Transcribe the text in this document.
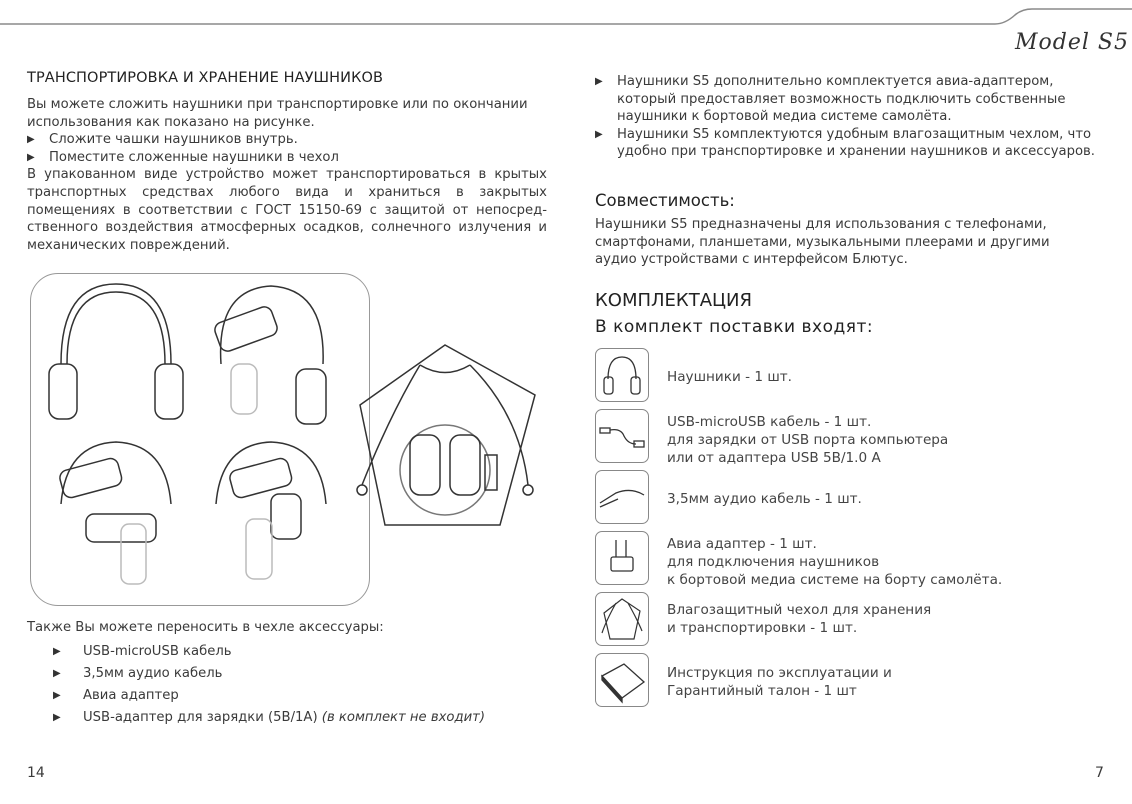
Model S5
ТРАНСПОРТИРОВКА И ХРАНЕНИЕ НАУШНИКОВ
Вы можете сложить наушники при транспортировке или по окончании использования как показано на рисунке.
▶ Сложите чашки наушников внутрь.
▶ Поместите сложенные наушники в чехол
В упакованном виде устройство может транспортироваться в крытых транспортных средствах любого вида и храниться в закрытых помещениях в соответствии с ГОСТ 15150-69 с защитой от непосред-ственного воздействия атмосферных осадков, солнечного излучения и механических повреждений.
Также Вы можете переносить в чехле аксессуары:
▶ USB-microUSB кабель
▶ 3,5мм аудио кабель
▶ Авиа адаптер
▶ USB-адаптер для зарядки (5В/1А) (в комплект не входит)
14
▶ Наушники S5 дополнительно комплектуется авиа-адаптером, который предоставляет возможность подключить собственные наушники к бортовой медиа системе самолёта.
▶ Наушники S5 комплектуются удобным влагозащитным чехлом, что удобно при транспортировке и хранении наушников и аксессуаров.
Совместимость:
Наушники S5 предназначены для использования с телефонами, смартфонами, планшетами, музыкальными плеерами и другими аудио устройствами с интерфейсом Блютус.
КОМПЛЕКТАЦИЯ
В комплект поставки входят:
Наушники - 1 шт.
USB-microUSB кабель - 1 шт.
для зарядки от USB порта компьютера
или от адаптера USB 5В/1.0 А
3,5мм аудио кабель - 1 шт.
Авиа адаптер - 1 шт.
для подключения наушников
к бортовой медиа системе на борту самолёта.
Влагозащитный чехол для хранения
и транспортировки - 1 шт.
Инструкция по эксплуатации и
Гарантийный талон - 1 шт
7
